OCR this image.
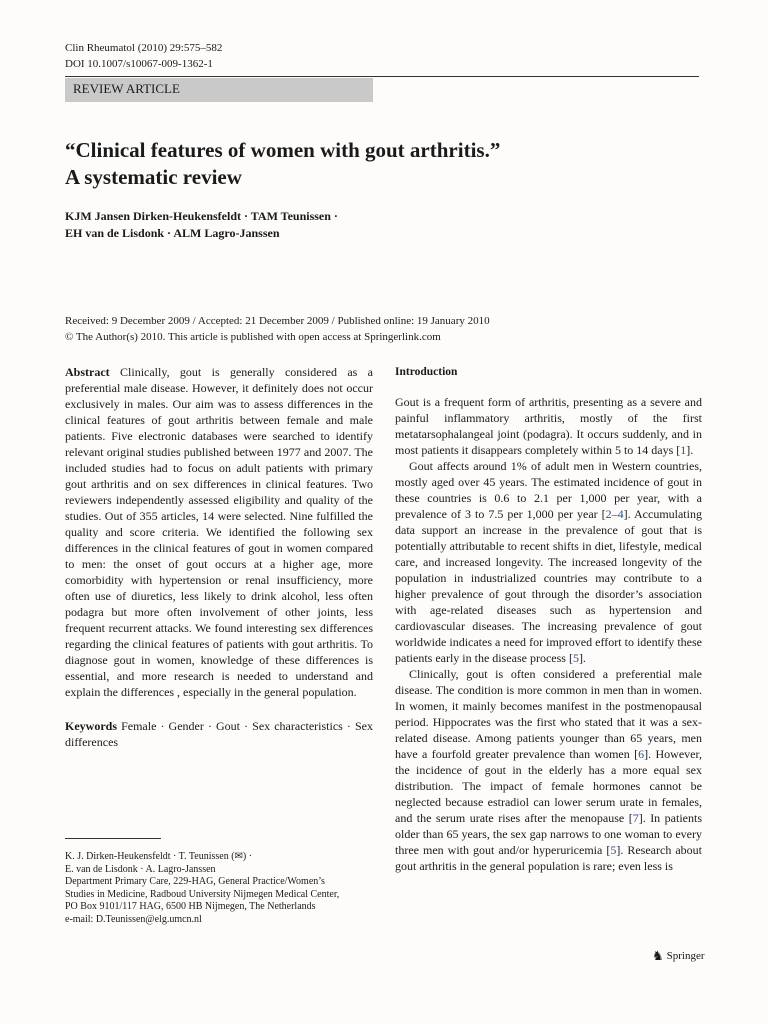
Clin Rheumatol (2010) 29:575–582
DOI 10.1007/s10067-009-1362-1
REVIEW ARTICLE
“Clinical features of women with gout arthritis.”
A systematic review
KJM Jansen Dirken-Heukensfeldt · TAM Teunissen ·
EH van de Lisdonk · ALM Lagro-Janssen
Received: 9 December 2009 / Accepted: 21 December 2009 / Published online: 19 January 2010
© The Author(s) 2010. This article is published with open access at Springerlink.com

Abstract Clinically, gout is generally considered as a preferential male disease. However, it definitely does not occur exclusively in males. Our aim was to assess differences in the clinical features of gout arthritis between female and male patients. Five electronic databases were searched to identify relevant original studies published between 1977 and 2007. The included studies had to focus on adult patients with primary gout arthritis and on sex differences in clinical features. Two reviewers independently assessed eligibility and quality of the studies. Out of 355 articles, 14 were selected. Nine fulfilled the quality and score criteria. We identified the following sex differences in the clinical features of gout in women compared to men: the onset of gout occurs at a higher age, more comorbidity with hypertension or renal insufficiency, more often use of diuretics, less likely to drink alcohol, less often podagra but more often involvement of other joints, less frequent recurrent attacks. We found interesting sex differences regarding the clinical features of patients with gout arthritis. To diagnose gout in women, knowledge of these differences is essential, and more research is needed to understand and explain the differences , especially in the general population.

Keywords Female · Gender · Gout · Sex characteristics · Sex differences

K. J. Dirken-Heukensfeldt · T. Teunissen (✉) ·
E. van de Lisdonk · A. Lagro-Janssen
Department Primary Care, 229-HAG, General Practice/Women’s
Studies in Medicine, Radboud University Nijmegen Medical Center,
PO Box 9101/117 HAG, 6500 HB Nijmegen, The Netherlands
e-mail: D.Teunissen@elg.umcn.nl
Introduction

Gout is a frequent form of arthritis, presenting as a severe and painful inflammatory arthritis, mostly of the first metatarsophalangeal joint (podagra). It occurs suddenly, and in most patients it disappears completely within 5 to 14 days [1].

Gout affects around 1% of adult men in Western countries, mostly aged over 45 years. The estimated incidence of gout in these countries is 0.6 to 2.1 per 1,000 per year, with a prevalence of 3 to 7.5 per 1,000 per year [2–4]. Accumulating data support an increase in the prevalence of gout that is potentially attributable to recent shifts in diet, lifestyle, medical care, and increased longevity. The increased longevity of the population in industrialized countries may contribute to a higher prevalence of gout through the disorder’s association with age-related diseases such as hypertension and cardiovascular diseases. The increasing prevalence of gout worldwide indicates a need for improved effort to identify these patients early in the disease process [5].

Clinically, gout is often considered a preferential male disease. The condition is more common in men than in women. In women, it mainly becomes manifest in the postmenopausal period. Hippocrates was the first who stated that it was a sex-related disease. Among patients younger than 65 years, men have a fourfold greater prevalence than women [6]. However, the incidence of gout in the elderly has a more equal sex distribution. The impact of female hormones cannot be neglected because estradiol can lower serum urate in females, and the serum urate rises after the menopause [7]. In patients older than 65 years, the sex gap narrows to one woman to every three men with gout and/or hyperuricemia [5]. Research about gout arthritis in the general population is rare; even less is

♞ Springer
